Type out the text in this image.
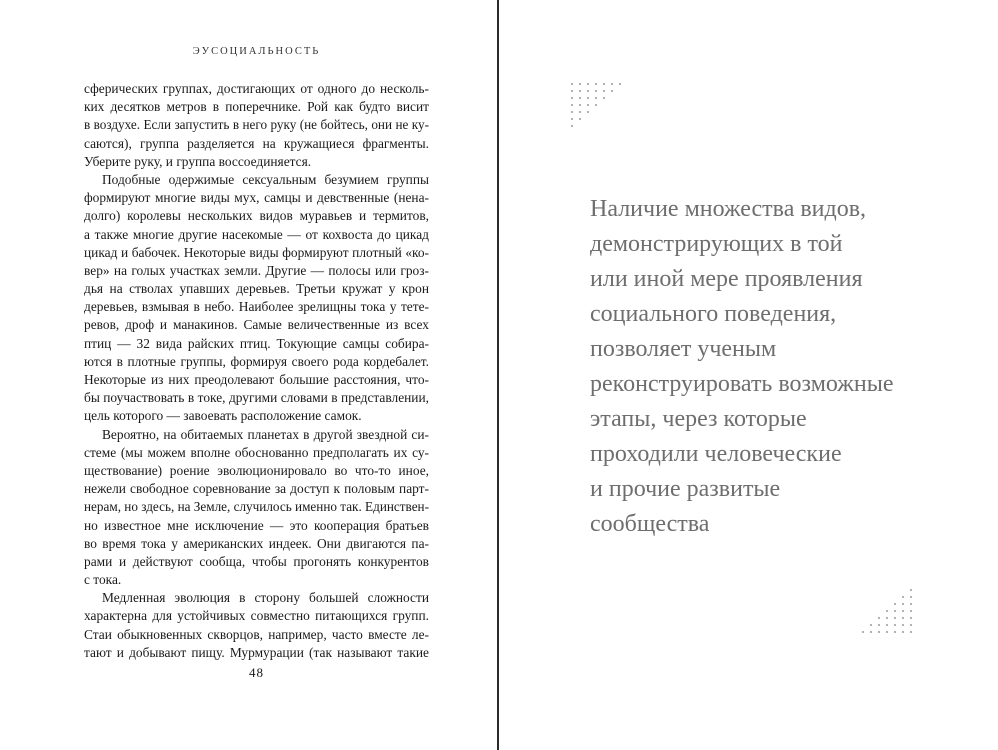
ЭУСОЦИАЛЬНОСТЬ
сферических группах, достигающих от одного до несколь-
ких десятков метров в поперечнике. Рой как будто висит
в воздухе. Если запустить в него руку (не бойтесь, они не ку-
саются), группа разделяется на кружащиеся фрагменты.
Уберите руку, и группа воссоединяется.
Подобные одержимые сексуальным безумием группы
формируют многие виды мух, самцы и девственные (нена-
долго) королевы нескольких видов муравьев и термитов,
а также многие другие насекомые — от кохвоста до цикад
цикад и бабочек. Некоторые виды формируют плотный «ко-
вер» на голых участках земли. Другие — полосы или гроз-
дья на стволах упавших деревьев. Третьи кружат у крон
деревьев, взмывая в небо. Наиболее зрелищны тока у тете-
ревов, дроф и манакинов. Самые величественные из всех
птиц — 32 вида райских птиц. Токующие самцы собира-
ются в плотные группы, формируя своего рода кордебалет.
Некоторые из них преодолевают большие расстояния, что-
бы поучаствовать в токе, другими словами в представлении,
цель которого — завоевать расположение самок.
Вероятно, на обитаемых планетах в другой звездной си-
стеме (мы можем вполне обоснованно предполагать их су-
ществование) роение эволюционировало во что-то иное,
нежели свободное соревнование за доступ к половым парт-
нерам, но здесь, на Земле, случилось именно так. Единствен-
но известное мне исключение — это кооперация братьев
во время тока у американских индеек. Они двигаются па-
рами и действуют сообща, чтобы прогонять конкурентов
с тока.
Медленная эволюция в сторону большей сложности
характерна для устойчивых совместно питающихся групп.
Стаи обыкновенных скворцов, например, часто вместе ле-
тают и добывают пищу. Мурмурации (так называют такие
48
Наличие множества видов,
демонстрирующих в той
или иной мере проявления
социального поведения,
позволяет ученым
реконструировать возможные
этапы, через которые
проходили человеческие
и прочие развитые
сообщества
